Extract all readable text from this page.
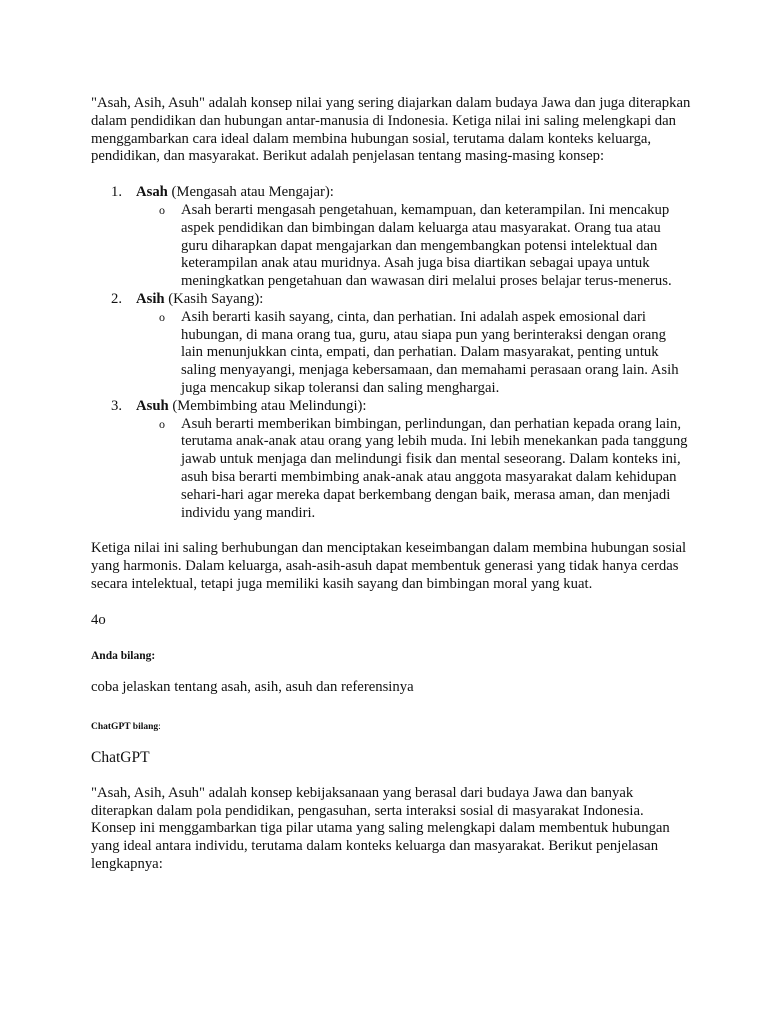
"Asah, Asih, Asuh" adalah konsep nilai yang sering diajarkan dalam budaya Jawa dan juga diterapkan dalam pendidikan dan hubungan antar-manusia di Indonesia. Ketiga nilai ini saling melengkapi dan menggambarkan cara ideal dalam membina hubungan sosial, terutama dalam konteks keluarga, pendidikan, dan masyarakat. Berikut adalah penjelasan tentang masing-masing konsep:

1. Asah (Mengasah atau Mengajar):

o Asah berarti mengasah pengetahuan, kemampuan, dan keterampilan. Ini mencakup aspek pendidikan dan bimbingan dalam keluarga atau masyarakat. Orang tua atau guru diharapkan dapat mengajarkan dan mengembangkan potensi intelektual dan keterampilan anak atau muridnya. Asah juga bisa diartikan sebagai upaya untuk meningkatkan pengetahuan dan wawasan diri melalui proses belajar terus-menerus.

2. Asih (Kasih Sayang):

o Asih berarti kasih sayang, cinta, dan perhatian. Ini adalah aspek emosional dari hubungan, di mana orang tua, guru, atau siapa pun yang berinteraksi dengan orang lain menunjukkan cinta, empati, dan perhatian. Dalam masyarakat, penting untuk saling menyayangi, menjaga kebersamaan, dan memahami perasaan orang lain. Asih juga mencakup sikap toleransi dan saling menghargai.

3. Asuh (Membimbing atau Melindungi):

o Asuh berarti memberikan bimbingan, perlindungan, dan perhatian kepada orang lain, terutama anak-anak atau orang yang lebih muda. Ini lebih menekankan pada tanggung jawab untuk menjaga dan melindungi fisik dan mental seseorang. Dalam konteks ini, asuh bisa berarti membimbing anak-anak atau anggota masyarakat dalam kehidupan sehari-hari agar mereka dapat berkembang dengan baik, merasa aman, dan menjadi individu yang mandiri.

Ketiga nilai ini saling berhubungan dan menciptakan keseimbangan dalam membina hubungan sosial yang harmonis. Dalam keluarga, asah-asih-asuh dapat membentuk generasi yang tidak hanya cerdas secara intelektual, tetapi juga memiliki kasih sayang dan bimbingan moral yang kuat.

4o

Anda bilang:

coba jelaskan tentang asah, asih, asuh dan referensinya

ChatGPT bilang:

ChatGPT

"Asah, Asih, Asuh" adalah konsep kebijaksanaan yang berasal dari budaya Jawa dan banyak diterapkan dalam pola pendidikan, pengasuhan, serta interaksi sosial di masyarakat Indonesia. Konsep ini menggambarkan tiga pilar utama yang saling melengkapi dalam membentuk hubungan yang ideal antara individu, terutama dalam konteks keluarga dan masyarakat. Berikut penjelasan lengkapnya:
